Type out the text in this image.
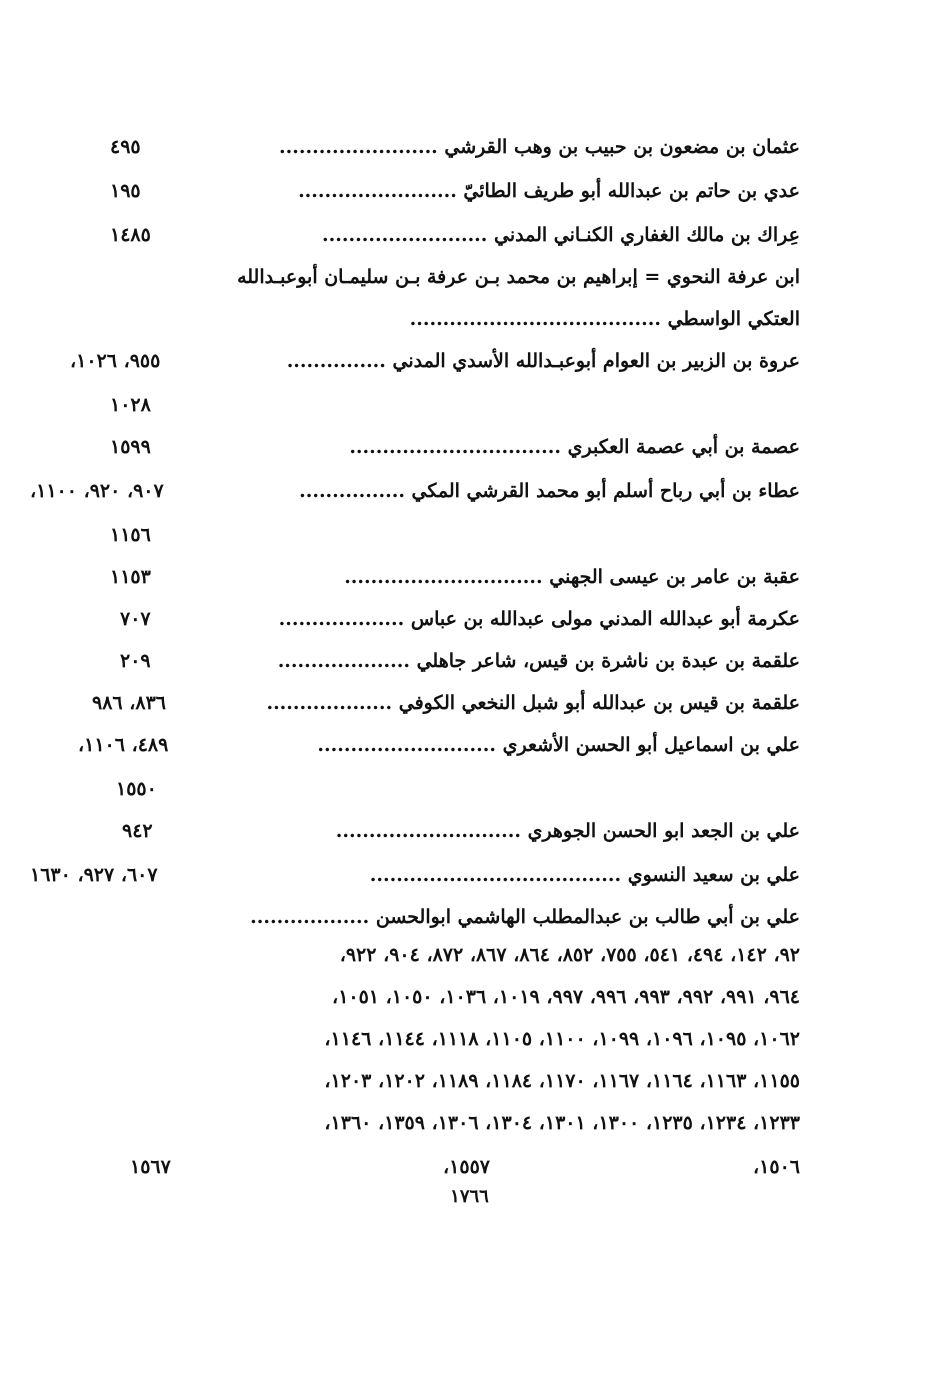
عثمان بن مضعون بن حبيب بن وهب القرشي ........................
٤٩٥
عدي بن حاتم بن عبدالله أبو طريف الطائيّ ........................
١٩٥
عِراك بن مالك الغفاري الكنـاني المدني .........................
١٤٨٥
ابن عرفة النحوي = إبراهيم بن محمد بـن عرفة بـن سليمـان أبوعبـدالله
العتكي الواسطي ......................................
عروة بن الزبير بن العوام أبوعبـدالله الأسدي المدني ...............
٩٥٥، ١٠٢٦،
١٠٢٨
عصمة بن أبي عصمة العكبري ................................
١٥٩٩
عطاء بن أبي رباح أسلم أبو محمد القرشي المكي ................
٩٠٧، ٩٢٠، ١١٠٠،
١١٥٦
عقبة بن عامر بن عيسى الجهني ..............................
١١٥٣
عكرمة أبو عبدالله المدني مولى عبدالله بن عباس ...................
٧٠٧
علقمة بن عبدة بن ناشرة بن قيس، شاعر جاهلي ....................
٢٠٩
علقمة بن قيس بن عبدالله أبو شبل النخعي الكوفي ...................
٨٣٦، ٩٨٦
علي بن اسماعيل أبو الحسن الأشعري ...........................
٤٨٩، ١١٠٦،
١٥٥٠
علي بن الجعد ابو الحسن الجوهري ............................
٩٤٢
علي بن سعيد النسوي ......................................
٦٠٧، ٩٢٧، ١٦٣٠
علي بن أبي طالب بن عبدالمطلب الهاشمي ابوالحسن ..................
٩٢، ١٤٢، ٤٩٤، ٥٤١، ٧٥٥، ٨٥٢، ٨٦٤، ٨٦٧، ٨٧٢، ٩٠٤، ٩٢٢،
٩٦٤، ٩٩١، ٩٩٢، ٩٩٣، ٩٩٦، ٩٩٧، ١٠١٩، ١٠٣٦، ١٠٥٠، ١٠٥١،
١٠٦٢، ١٠٩٥، ١٠٩٦، ١٠٩٩، ١١٠٠، ١١٠٥، ١١١٨، ١١٤٤، ١١٤٦،
١١٥٥، ١١٦٣، ١١٦٤، ١١٦٧، ١١٧٠، ١١٨٤، ١١٨٩، ١٢٠٢، ١٢٠٣،
١٢٣٣، ١٢٣٤، ١٢٣٥، ١٣٠٠، ١٣٠١، ١٣٠٤، ١٣٠٦، ١٣٥٩، ١٣٦٠،
١٥٠٦،
١٥٥٧،
١٥٦٧
١٧٦٦
